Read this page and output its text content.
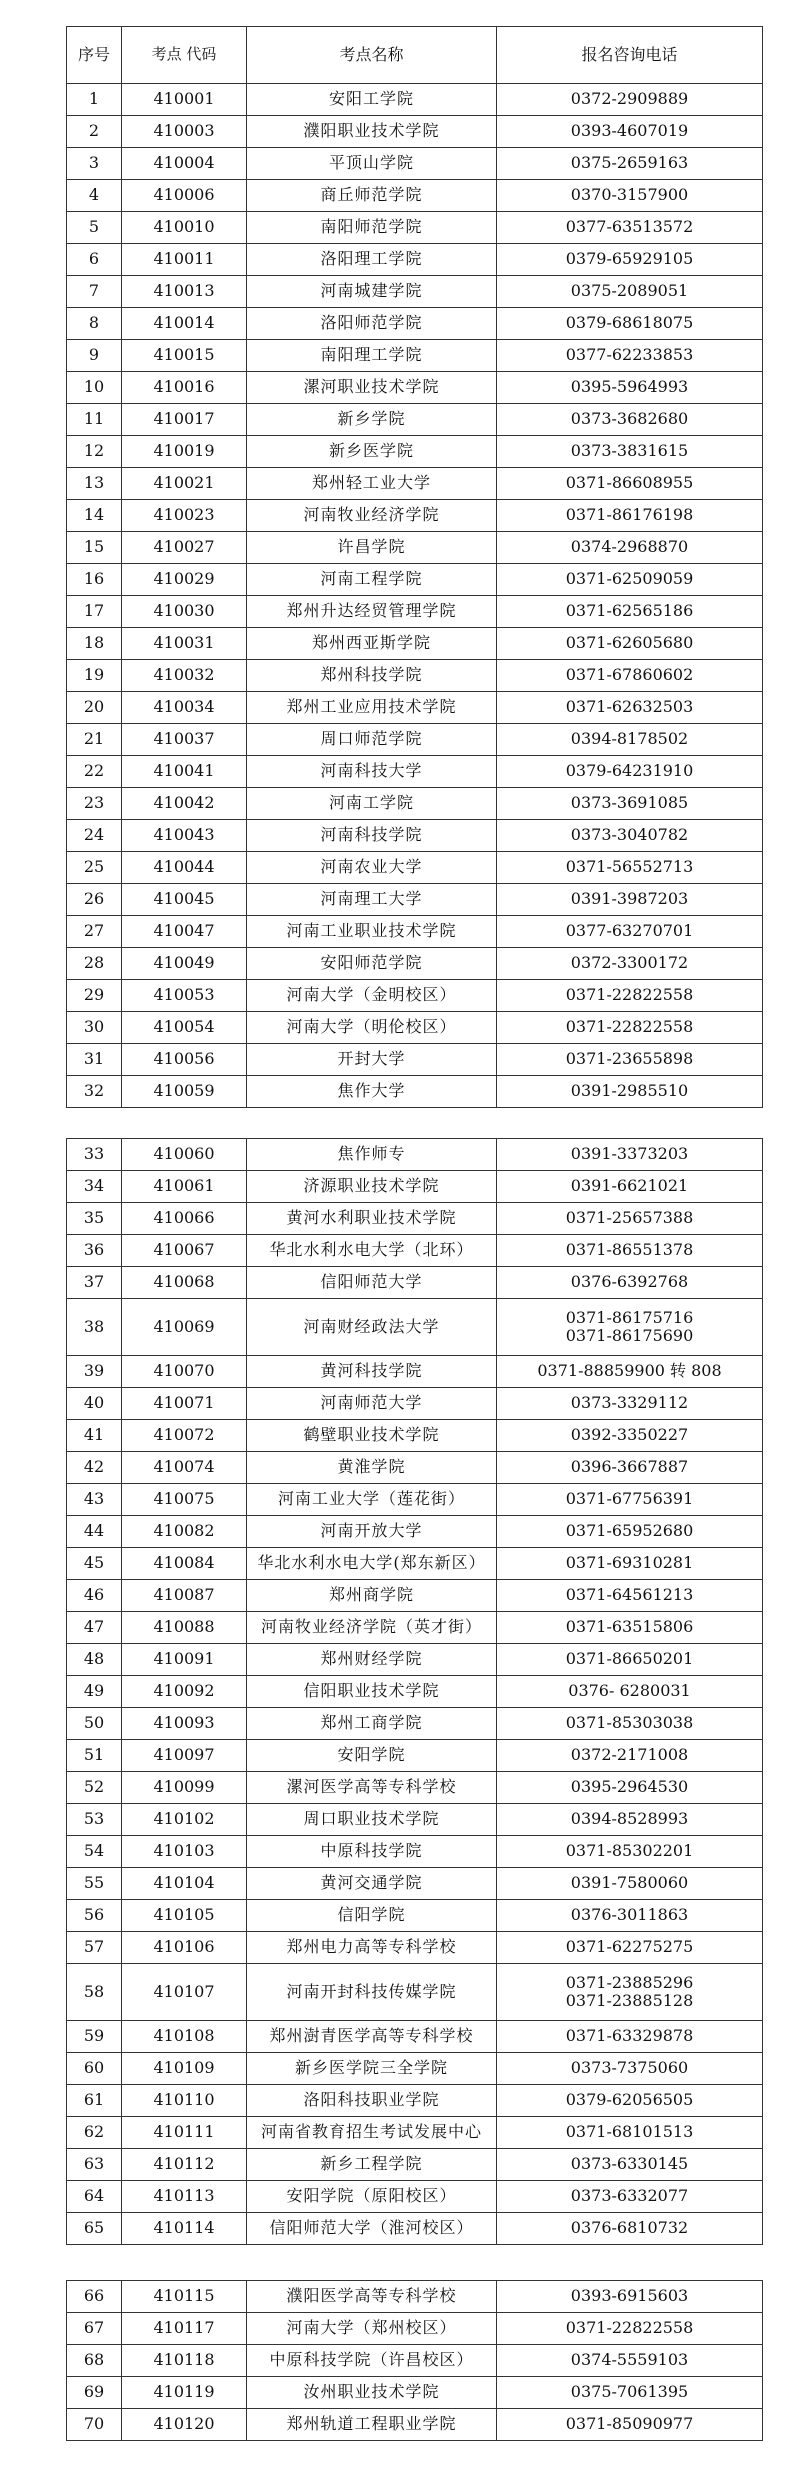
序号	考点 代码	考点名称	报名咨询电话
1	410001	安阳工学院	0372-2909889

2	410003	濮阳职业技术学院	0393-4607019

3	410004	平顶山学院	0375-2659163

4	410006	商丘师范学院	0370-3157900

5	410010	南阳师范学院	0377-63513572

6	410011	洛阳理工学院	0379-65929105

7	410013	河南城建学院	0375-2089051

8	410014	洛阳师范学院	0379-68618075

9	410015	南阳理工学院	0377-62233853

10	410016	漯河职业技术学院	0395-5964993

11	410017	新乡学院	0373-3682680

12	410019	新乡医学院	0373-3831615

13	410021	郑州轻工业大学	0371-86608955

14	410023	河南牧业经济学院	0371-86176198

15	410027	许昌学院	0374-2968870

16	410029	河南工程学院	0371-62509059

17	410030	郑州升达经贸管理学院	0371-62565186

18	410031	郑州西亚斯学院	0371-62605680

19	410032	郑州科技学院	0371-67860602

20	410034	郑州工业应用技术学院	0371-62632503

21	410037	周口师范学院	0394-8178502

22	410041	河南科技大学	0379-64231910

23	410042	河南工学院	0373-3691085

24	410043	河南科技学院	0373-3040782

25	410044	河南农业大学	0371-56552713

26	410045	河南理工大学	0391-3987203

27	410047	河南工业职业技术学院	0377-63270701

28	410049	安阳师范学院	0372-3300172

29	410053	河南大学（金明校区）	0371-22822558

30	410054	河南大学（明伦校区）	0371-22822558

31	410056	开封大学	0371-23655898

32	410059	焦作大学	0391-2985510
33	410060	焦作师专	0391-3373203

34	410061	济源职业技术学院	0391-6621021

35	410066	黄河水利职业技术学院	0371-25657388

36	410067	华北水利水电大学（北环）	0371-86551378

37	410068	信阳师范大学	0376-6392768

38	410069	河南财经政法大学	0371-86175716
0371-86175690

39	410070	黄河科技学院	0371-88859900 转 808

40	410071	河南师范大学	0373-3329112

41	410072	鹤壁职业技术学院	0392-3350227

42	410074	黄淮学院	0396-3667887

43	410075	河南工业大学（莲花街）	0371-67756391

44	410082	河南开放大学	0371-65952680

45	410084	华北水利水电大学(郑东新区）	0371-69310281

46	410087	郑州商学院	0371-64561213

47	410088	河南牧业经济学院（英才街）	0371-63515806

48	410091	郑州财经学院	0371-86650201

49	410092	信阳职业技术学院	0376- 6280031

50	410093	郑州工商学院	0371-85303038

51	410097	安阳学院	0372-2171008

52	410099	漯河医学高等专科学校	0395-2964530

53	410102	周口职业技术学院	0394-8528993

54	410103	中原科技学院	0371-85302201

55	410104	黄河交通学院	0391-7580060

56	410105	信阳学院	0376-3011863

57	410106	郑州电力高等专科学校	0371-62275275

58	410107	河南开封科技传媒学院	0371-23885296
0371-23885128

59	410108	郑州澍青医学高等专科学校	0371-63329878

60	410109	新乡医学院三全学院	0373-7375060

61	410110	洛阳科技职业学院	0379-62056505

62	410111	河南省教育招生考试发展中心	0371-68101513

63	410112	新乡工程学院	0373-6330145

64	410113	安阳学院（原阳校区）	0373-6332077

65	410114	信阳师范大学（淮河校区）	0376-6810732
66	410115	濮阳医学高等专科学校	0393-6915603

67	410117	河南大学（郑州校区）	0371-22822558

68	410118	中原科技学院（许昌校区）	0374-5559103

69	410119	汝州职业技术学院	0375-7061395

70	410120	郑州轨道工程职业学院	0371-85090977
